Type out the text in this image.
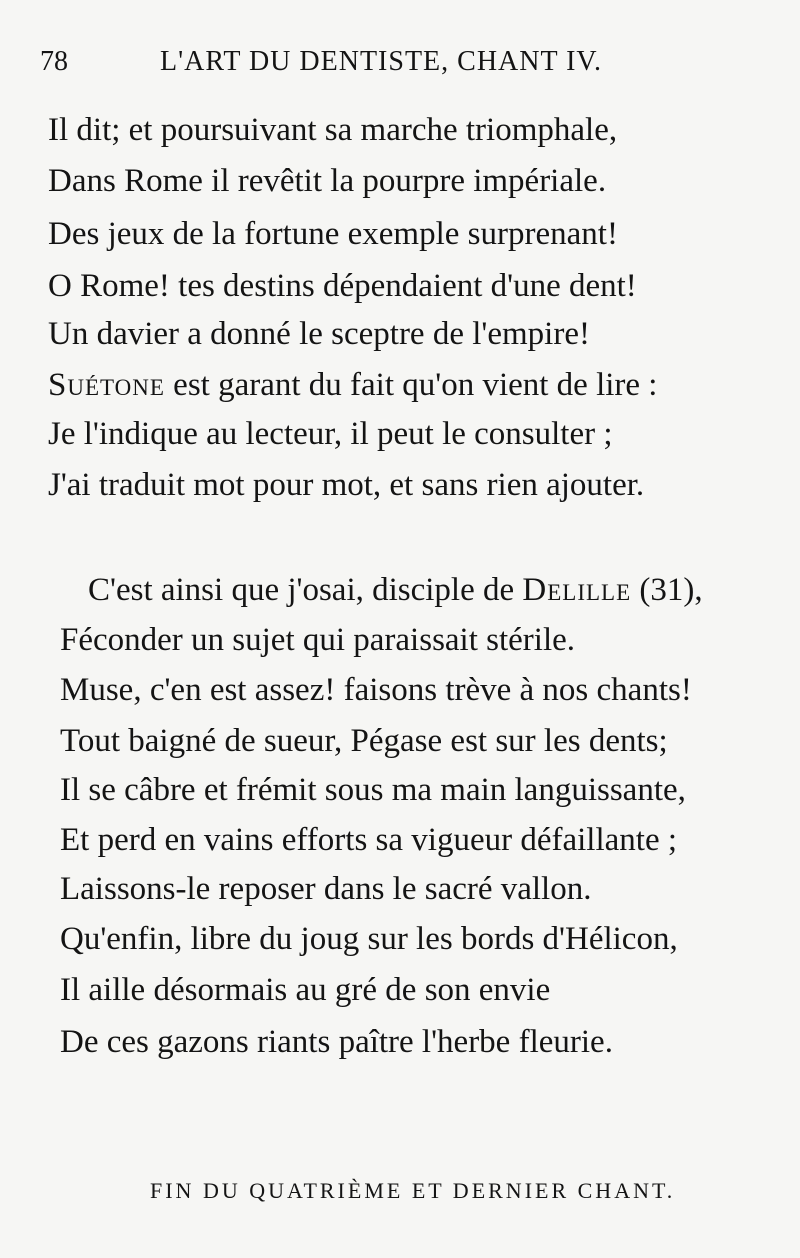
78	L'ART DU DENTISTE, CHANT IV.
Il dit; et poursuivant sa marche triomphale,
Dans Rome il revêtit la pourpre impériale.
Des jeux de la fortune exemple surprenant!
O Rome! tes destins dépendaient d'une dent!
Un davier a donné le sceptre de l'empire!
Suétone est garant du fait qu'on vient de lire :
Je l'indique au lecteur, il peut le consulter ;
J'ai traduit mot pour mot, et sans rien ajouter.
C'est ainsi que j'osai, disciple de Delille (31),
Féconder un sujet qui paraissait stérile.
Muse, c'en est assez! faisons trève à nos chants!
Tout baigné de sueur, Pégase est sur les dents;
Il se câbre et frémit sous ma main languissante,
Et perd en vains efforts sa vigueur défaillante ;
Laissons-le reposer dans le sacré vallon.
Qu'enfin, libre du joug sur les bords d'Hélicon,
Il aille désormais au gré de son envie
De ces gazons riants paître l'herbe fleurie.
FIN DU QUATRIÈME ET DERNIER CHANT.
